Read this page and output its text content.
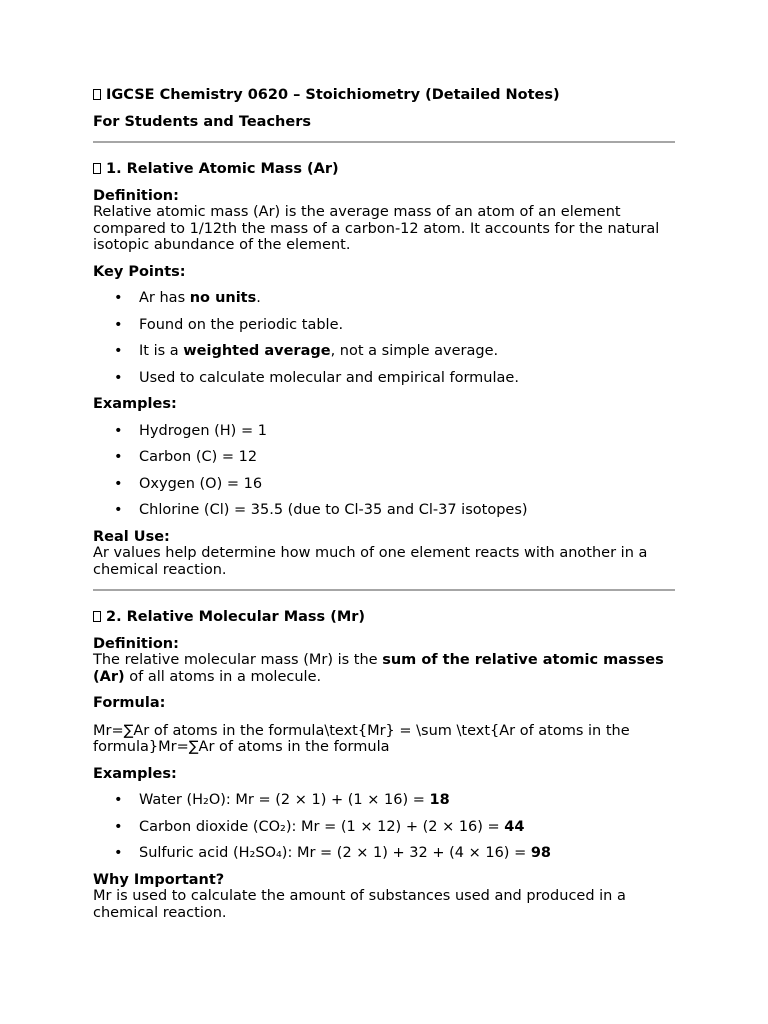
IGCSE Chemistry 0620 – Stoichiometry (Detailed Notes)

For Students and Teachers

1. Relative Atomic Mass (Ar)

Definition:

Relative atomic mass (Ar) is the average mass of an atom of an element compared to 1/12th the mass of a carbon-12 atom. It accounts for the natural isotopic abundance of the element.

Key Points:

• Ar has no units.
• Found on the periodic table.
• It is a weighted average, not a simple average.
• Used to calculate molecular and empirical formulae.

Examples:

• Hydrogen (H) = 1
• Carbon (C) = 12
• Oxygen (O) = 16
• Chlorine (Cl) = 35.5 (due to Cl-35 and Cl-37 isotopes)

Real Use:

Ar values help determine how much of one element reacts with another in a chemical reaction.

2. Relative Molecular Mass (Mr)

Definition:

The relative molecular mass (Mr) is the sum of the relative atomic masses (Ar) of all atoms in a molecule.

Formula:

Mr=∑Ar of atoms in the formula\text{Mr} = \sum \text{Ar of atoms in the formula}Mr=∑Ar of atoms in the formula

Examples:

• Water (H₂O): Mr = (2 × 1) + (1 × 16) = 18
• Carbon dioxide (CO₂): Mr = (1 × 12) + (2 × 16) = 44
• Sulfuric acid (H₂SO₄): Mr = (2 × 1) + 32 + (4 × 16) = 98

Why Important?

Mr is used to calculate the amount of substances used and produced in a chemical reaction.
